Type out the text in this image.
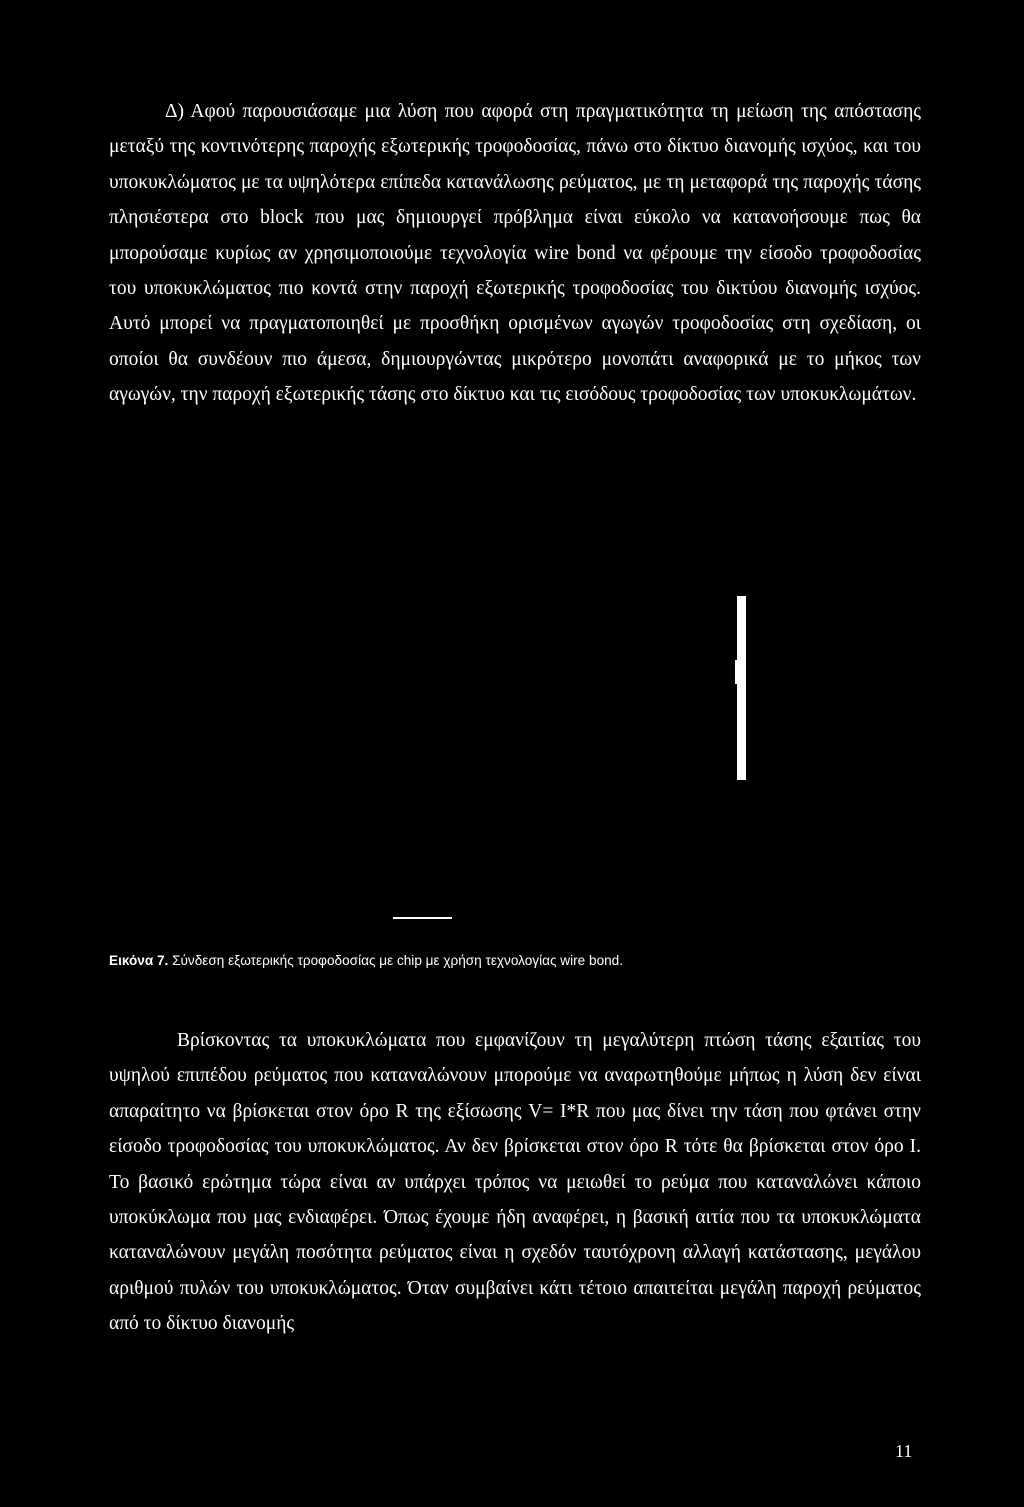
Δ) Αφού παρουσιάσαμε μια λύση που αφορά στη πραγματικότητα τη μείωση της απόστασης μεταξύ της κοντινότερης παροχής εξωτερικής τροφοδοσίας, πάνω στο δίκτυο διανομής ισχύος, και του υποκυκλώματος με τα υψηλότερα επίπεδα κατανάλωσης ρεύματος, με τη μεταφορά της παροχής τάσης πλησιέστερα στο block που μας δημιουργεί πρόβλημα είναι εύκολο να κατανοήσουμε πως θα μπορούσαμε κυρίως αν χρησιμοποιούμε τεχνολογία wire bond να φέρουμε την είσοδο τροφοδοσίας του υποκυκλώματος πιο κοντά στην παροχή εξωτερικής τροφοδοσίας του δικτύου διανομής ισχύος. Αυτό μπορεί να πραγματοποιηθεί με προσθήκη ορισμένων αγωγών τροφοδοσίας στη σχεδίαση, οι οποίοι θα συνδέουν πιο άμεσα, δημιουργώντας μικρότερο μονοπάτι αναφορικά με το μήκος των αγωγών, την παροχή εξωτερικής τάσης στο δίκτυο και τις εισόδους τροφοδοσίας των υποκυκλωμάτων.

Εικόνα 7. Σύνδεση εξωτερικής τροφοδοσίας με chip με χρήση τεχνολογίας wire bond.

Βρίσκοντας τα υποκυκλώματα που εμφανίζουν τη μεγαλύτερη πτώση τάσης εξαιτίας του υψηλού επιπέδου ρεύματος που καταναλώνουν μπορούμε να αναρωτηθούμε μήπως η λύση δεν είναι απαραίτητο να βρίσκεται στον όρο R της εξίσωσης V= I*R που μας δίνει την τάση που φτάνει στην είσοδο τροφοδοσίας του υποκυκλώματος. Αν δεν βρίσκεται στον όρο R τότε θα βρίσκεται στον όρο I. Το βασικό ερώτημα τώρα είναι αν υπάρχει τρόπος να μειωθεί το ρεύμα που καταναλώνει κάποιο υποκύκλωμα που μας ενδιαφέρει. Όπως έχουμε ήδη αναφέρει, η βασική αιτία που τα υποκυκλώματα καταναλώνουν μεγάλη ποσότητα ρεύματος είναι η σχεδόν ταυτόχρονη αλλαγή κατάστασης, μεγάλου αριθμού πυλών του υποκυκλώματος. Όταν συμβαίνει κάτι τέτοιο απαιτείται μεγάλη παροχή ρεύματος από το δίκτυο διανομής

11
